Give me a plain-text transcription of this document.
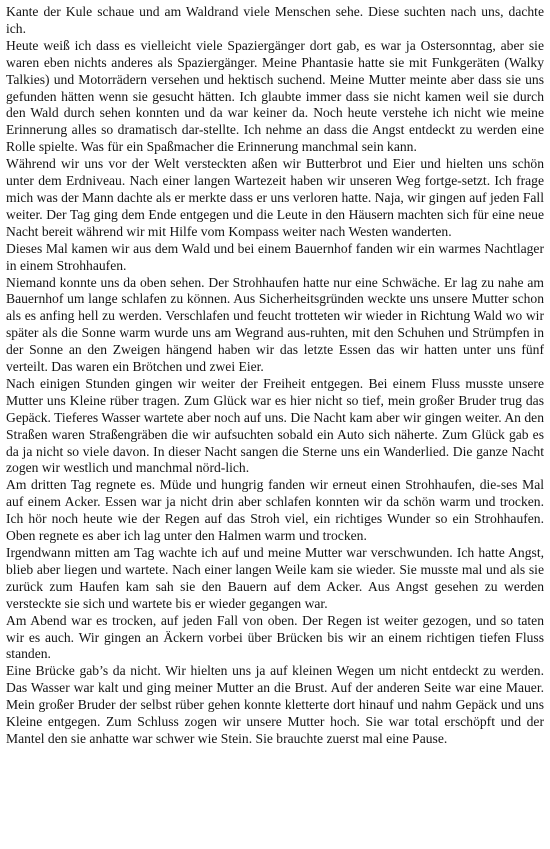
Kante der Kule schaue und am Waldrand viele Menschen sehe. Diese suchten nach uns, dachte ich.

Heute weiß ich dass es vielleicht viele Spaziergänger dort gab, es war ja Ostersonntag, aber sie waren eben nichts anderes als Spaziergänger. Meine Phantasie hatte sie mit Funkgeräten (Walky Talkies) und Motorrädern versehen und hektisch suchend. Meine Mutter meinte aber dass sie uns gefunden hätten wenn sie gesucht hätten. Ich glaubte immer dass sie nicht kamen weil sie durch den Wald durch sehen konnten und da war keiner da. Noch heute verstehe ich nicht wie meine Erinnerung alles so dramatisch dar-stellte. Ich nehme an dass die Angst entdeckt zu werden eine Rolle spielte. Was für ein Spaßmacher die Erinnerung manchmal sein kann.

Während wir uns vor der Welt versteckten aßen wir Butterbrot und Eier und hielten uns schön unter dem Erdniveau. Nach einer langen Wartezeit haben wir unseren Weg fortge-setzt. Ich frage mich was der Mann dachte als er merkte dass er uns verloren hatte. Naja, wir gingen auf jeden Fall weiter. Der Tag ging dem Ende entgegen und die Leute in den Häusern machten sich für eine neue Nacht bereit während wir mit Hilfe vom Kompass weiter nach Westen wanderten.

Dieses Mal kamen wir aus dem Wald und bei einem Bauernhof fanden wir ein warmes Nachtlager in einem Strohhaufen.

Niemand konnte uns da oben sehen. Der Strohhaufen hatte nur eine Schwäche. Er lag zu nahe am Bauernhof um lange schlafen zu können. Aus Sicherheitsgründen weckte uns unsere Mutter schon als es anfing hell zu werden. Verschlafen und feucht trotteten wir wieder in Richtung Wald wo wir später als die Sonne warm wurde uns am Wegrand aus-ruhten, mit den Schuhen und Strümpfen in der Sonne an den Zweigen hängend haben wir das letzte Essen das wir hatten unter uns fünf verteilt. Das waren ein Brötchen und zwei Eier.

Nach einigen Stunden gingen wir weiter der Freiheit entgegen. Bei einem Fluss musste unsere Mutter uns Kleine rüber tragen. Zum Glück war es hier nicht so tief, mein großer Bruder trug das Gepäck. Tieferes Wasser wartete aber noch auf uns. Die Nacht kam aber wir gingen weiter. An den Straßen waren Straßengräben die wir aufsuchten sobald ein Auto sich näherte. Zum Glück gab es da ja nicht so viele davon. In dieser Nacht sangen die Sterne uns ein Wanderlied. Die ganze Nacht zogen wir westlich und manchmal nörd-lich.

Am dritten Tag regnete es. Müde und hungrig fanden wir erneut einen Strohhaufen, die-ses Mal auf einem Acker. Essen war ja nicht drin aber schlafen konnten wir da schön warm und trocken. Ich hör noch heute wie der Regen auf das Stroh viel, ein richtiges Wunder so ein Strohhaufen. Oben regnete es aber ich lag unter den Halmen warm und trocken.

Irgendwann mitten am Tag wachte ich auf und meine Mutter war verschwunden. Ich hatte Angst, blieb aber liegen und wartete. Nach einer langen Weile kam sie wieder. Sie musste mal und als sie zurück zum Haufen kam sah sie den Bauern auf dem Acker. Aus Angst gesehen zu werden versteckte sie sich und wartete bis er wieder gegangen war.

Am Abend war es trocken, auf jeden Fall von oben. Der Regen ist weiter gezogen, und so taten wir es auch. Wir gingen an Äckern vorbei über Brücken bis wir an einem richtigen tiefen Fluss standen.

Eine Brücke gab’s da nicht. Wir hielten uns ja auf kleinen Wegen um nicht entdeckt zu werden. Das Wasser war kalt und ging meiner Mutter an die Brust. Auf der anderen Seite war eine Mauer. Mein großer Bruder der selbst rüber gehen konnte kletterte dort hinauf und nahm Gepäck und uns Kleine entgegen. Zum Schluss zogen wir unsere Mutter hoch. Sie war total erschöpft und der Mantel den sie anhatte war schwer wie Stein. Sie brauchte zuerst mal eine Pause.
